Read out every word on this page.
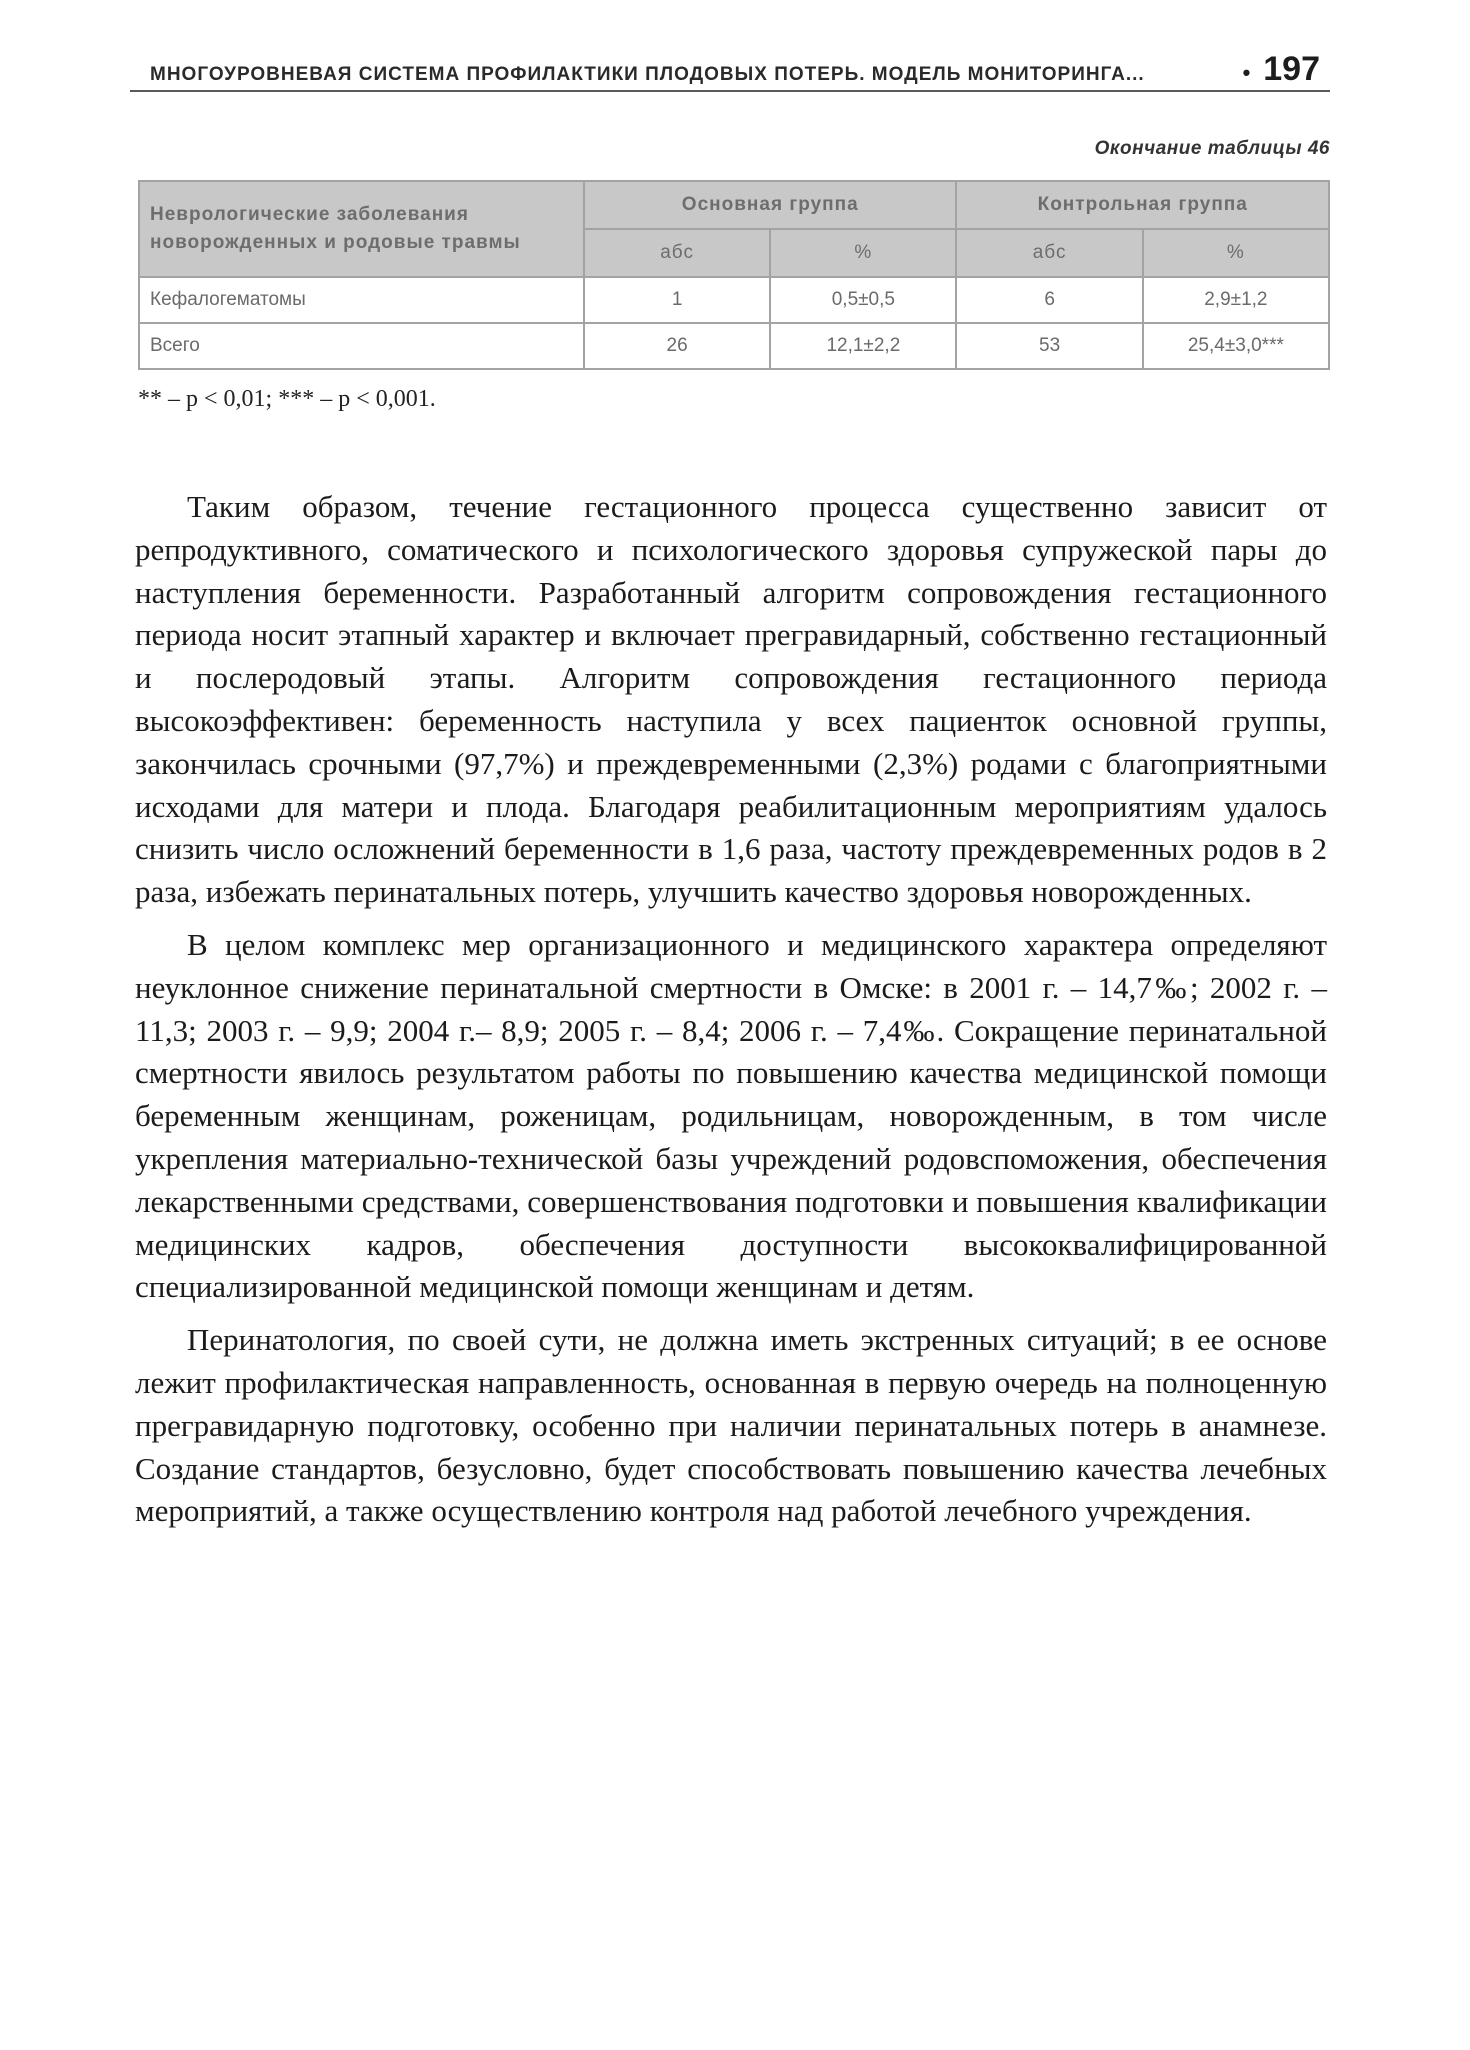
МНОГОУРОВНЕВАЯ СИСТЕМА ПРОФИЛАКТИКИ ПЛОДОВЫХ ПОТЕРЬ. МОДЕЛЬ МОНИТОРИНГА...	• 197
Окончание таблицы 46
Неврологические заболевания новорожденных и родовые травмы	Основная группа		Контрольная группа	
	абс	%	абс	%
Кефалогематомы	1	0,5±0,5	6	2,9±1,2
Всего	26	12,1±2,2	53	25,4±3,0***
** – p < 0,01; *** – p < 0,001.

Таким образом, течение гестационного процесса существенно зависит от репродуктивного, соматического и психологического здоровья супружеской пары до наступления беременности. Разработанный алгоритм сопровождения гестационного периода носит этапный характер и включает прегравидарный, собственно гестационный и послеродовый этапы. Алгоритм сопровождения гестационного периода высокоэффективен: беременность наступила у всех пациенток основной группы, закончилась срочными (97,7%) и преждевременными (2,3%) родами с благоприятными исходами для матери и плода. Благодаря реабилитационным мероприятиям удалось снизить число осложнений беременности в 1,6 раза, частоту преждевременных родов в 2 раза, избежать перинатальных потерь, улучшить качество здоровья новорожденных.

В целом комплекс мер организационного и медицинского характера определяют неуклонное снижение перинатальной смертности в Омске: в 2001 г. – 14,7‰; 2002 г. – 11,3; 2003 г. – 9,9; 2004 г.– 8,9; 2005 г. – 8,4; 2006 г. – 7,4‰. Сокращение перинатальной смертности явилось результатом работы по повышению качества медицинской помощи беременным женщинам, роженицам, родильницам, новорожденным, в том числе укрепления материально-технической базы учреждений родовспоможения, обеспечения лекарственными средствами, совершенствования подготовки и повышения квалификации медицинских кадров, обеспечения доступности высококвалифицированной специализированной медицинской помощи женщинам и детям.

Перинатология, по своей сути, не должна иметь экстренных ситуаций; в ее основе лежит профилактическая направленность, основанная в первую очередь на полноценную прегравидарную подготовку, особенно при наличии перинатальных потерь в анамнезе. Создание стандартов, безусловно, будет способствовать повышению качества лечебных мероприятий, а также осуществлению контроля над работой лечебного учреждения.
